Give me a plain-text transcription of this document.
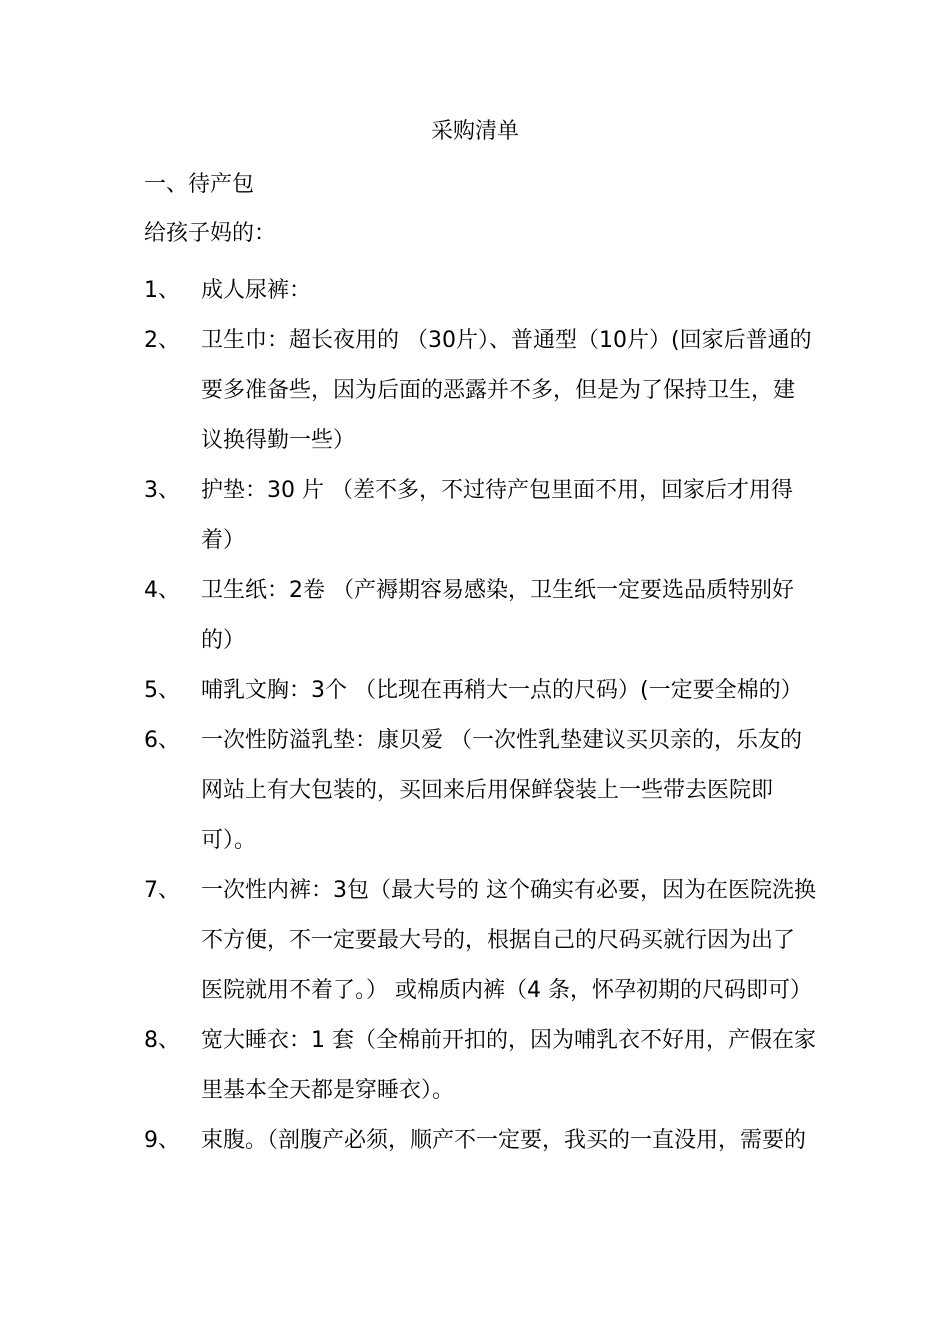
采购清单
一、待产包
给孩子妈的：
1、 成人尿裤：
2、 卫生巾：超长夜用的 （30片）、普通型（10片）(回家后普通的要多准备些，因为后面的恶露并不多，但是为了保持卫生，建议换得勤一些）
3、 护垫：30 片 （差不多，不过待产包里面不用，回家后才用得着）
4、 卫生纸：2卷 （产褥期容易感染，卫生纸一定要选品质特别好的）
5、 哺乳文胸：3个 （比现在再稍大一点的尺码）(一定要全棉的）
6、 一次性防溢乳垫：康贝爱 （一次性乳垫建议买贝亲的，乐友的网站上有大包装的，买回来后用保鲜袋装上一些带去医院即可）。
7、 一次性内裤：3包（最大号的 这个确实有必要，因为在医院洗换不方便，不一定要最大号的，根据自己的尺码买就行因为出了医院就用不着了。） 或棉质内裤（4 条，怀孕初期的尺码即可）
8、 宽大睡衣：1 套（全棉前开扣的，因为哺乳衣不好用，产假在家里基本全天都是穿睡衣）。
9、 束腹。（剖腹产必须，顺产不一定要，我买的一直没用，需要的
